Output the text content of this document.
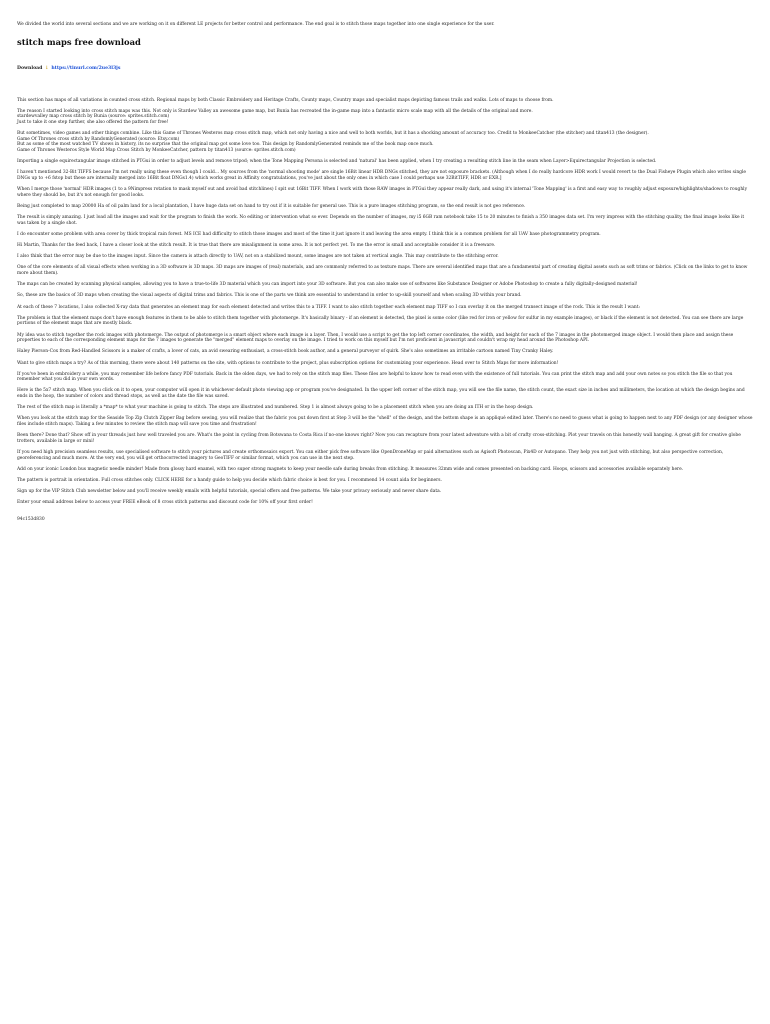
We divided the world into several sections and we are working on it on different LE projects for better control and performance. The end goal is to stitch those maps together into one single experience for the user.

stitch maps free download
Download ↓ https://tinurl.com/2ue3l3js

This section has maps of all variations in counted cross stitch. Regional maps by both Classic Embroidery and Heritage Crafts, County maps, Country maps and specialist maps depicting famous trails and walks. Lots of maps to choose from.

The reason I started looking into cross stitch maps was this. Not only is Stardew Valley an awesome game map, but Bunia has recreated the in-game map into a fantastic micro scale map with all the details of the original and more.

stardewvalley map cross stitch by Bunia (source: sprites.stitch.com)

Just to take it one step further, she also offered the pattern for free!

But sometimes, video games and other things combine. Like this Game of Thrones Westeros map cross stitch map, which not only having a nice and well to both worlds, but it has a shocking amount of accuracy too. Credit to MonkeeCatcher (the stitcher) and titan413 (the designer).

Game Of Thrones cross stitch by RandomlyGenerated (source: Etsy.com)

But as some of the most watched TV shows in history, its no surprise that the original map got some love too. This design by RandomlyGenerated reminds me of the book map once much.

Game of Thrones Westeros Style World Map Cross Stitch by MonkeeCatcher, pattern by titan413 (source: sprites.stitch.com)

Importing a single equirectangular image stitched in PTGui in order to adjust levels and remove tripod; when the Tone Mapping Persona is selected and 'natural' has been applied, when I try creating a resulting stitch line in the seam when Layer>Equirectangular Projection is selected.

I haven't mentioned 32-Bit TIFFS because I'm not really using these even though I could... My sources from the 'normal shooting mode' are single 16Bit linear HDR DNGs stitched, they are not exposure brackets. (Although when I do really hardcore HDR work I would revert to the Dual Fisheye Plugin which also writes single DNGs up to +6 fstop but these are internally merged into 16Bit float DNGs1.4) which works great in Affinity congratulations, you've just about the only ones in which case I could perhaps use 32BitTIFF, HDR or EXR.]

When I merge those 'normal' HDR images (1 to a 9Nimpress rotation to mask myself out and avoid bad stitchlines) I spit out 16Bit TIFF. When I work with those RAW images in PTGui they appear really dark, and using it's internal 'Tone Mapping' is a first and easy way to roughly adjust exposure/highlights/shadows to roughly where they should be, but it's not enough for good looks.

Being just completed to map 20000 Ha of oil palm land for a local plantation, I have huge data set on hand to try out if it is suitable for general use. This is a pure images stitching program, so the end result is not geo reference.

The result is simply amazing. I just load all the images and wait for the program to finish the work. No editing or intervention what so ever. Depends on the number of images, my i5 6GB ram notebook take 15 to 20 minutes to finish a 350 images data set. I'm very impress with the stitching quality, the final image looks like it was taken by a single shot.

I do encounter some problem with area cover by thick tropical rain forest. MS ICE had difficulty to stitch those images and most of the time it just ignore it and leaving the area empty. I think this is a common problem for all UAV base photogrammetry program.

Hi Martin, Thanks for the feed back, I have a closer look at the stitch result. It is true that there are misalignment in some area. It is not perfect yet. To me the error is small and acceptable consider it is a freeware.

I also think that the error may be due to the images input. Since the camera is attach directly to UAV, not on a stabilized mount, some images are not taken at vertical angle. This may contribute to the stitching error.

One of the core elements of all visual effects when working in a 3D software is 3D maps. 3D maps are images of (real) materials, and are commonly referred to as texture maps. There are several identified maps that are a fundamental part of creating digital assets such as soft trims or fabrics. (Click on the links to get to know more about them).

The maps can be created by scanning physical samples, allowing you to have a true-to-life 3D material which you can import into your 3D software. But you can also make use of softwares like Substance Designer or Adobe Photoshop to create a fully digitally-designed material!

So, these are the basics of 3D maps when creating the visual aspects of digital trims and fabrics. This is one of the parts we think are essential to understand in order to up-skill yourself and when scaling 3D within your brand.

At each of these 7 locations, I also collected X-ray data that generates an element map for each element detected and writes this to a TIFF. I want to also stitch together each element map TIFF so I can overlay it on the merged transect image of the rock. This is the result I want:

The problem is that the element maps don't have enough features in them to be able to stitch them together with photomerge. It's basically binary - if an element is detected, the pixel is some color (like red for iron or yellow for sulfur in my example images), or black if the element is not detected. You can see there are large portions of the element maps that are mostly black.

My idea was to stitch together the rock images with photomerge. The output of photomerge is a smart object where each image is a layer. Then, I would use a script to get the top left corner coordinates, the width, and height for each of the 7 images in the photomerged image object. I would then place and assign these properties to each of the corresponding element maps for the 7 images to generate the "merged" element maps to overlay on the image. I tried to work on this myself but I'm not proficient in javascript and couldn't wrap my head around the Photoshop API.

Haley Pierson-Cox from Red-Handled Scissors is a maker of crafts, a lover of cats, an avid swearing enthusiast, a cross-stitch book author, and a general purveyor of quirk. She's also sometimes an irritable cartoon named Tiny Cranky Haley.

Want to give stitch maps a try? As of this morning, there were about 140 patterns on the site, with options to contribute to the project, plus subscription options for customizing your experience. Head over to Stitch Maps for more information!

If you've been in embroidery a while, you may remember life before fancy PDF tutorials. Back in the olden days, we had to rely on the stitch map files. These files are helpful to know how to read even with the existence of full tutorials. You can print the stitch map and add your own notes so you stitch the file so that you remember what you did in your own words.

Here is the 5x7 stitch map. When you click on it to open, your computer will open it in whichever default photo viewing app or program you've designated. In the upper left corner of the stitch map, you will see the file name, the stitch count, the exact size in inches and millimeters, the location at which the design begins and ends in the hoop, the number of colors and thread stops, as well as the date the file was saved.

The rest of the stitch map is literally a *map* to what your machine is going to stitch. The steps are illustrated and numbered. Step 1 is almost always going to be a placement stitch when you are doing an ITH or in the hoop design.

When you look at the stitch map for the Seaside Top Zip Clutch Zipper Bag before sewing, you will realize that the fabric you put down first at Step 3 will be the "shell" of the design, and the bottom shape is an appliqué edited later. There's no need to guess what is going to happen next to any PDF design (or any designer whose files include stitch maps). Taking a few minutes to review the stitch map will save you time and frustration!

Been there? Done that? Show off in your threads just how well traveled you are. What's the point in cycling from Botswana to Costa Rica if no-one knows right? Now you can recapture from your latest adventure with a bit of crafty cross-stitching. Plot your travels on this honestly wall hanging. A great gift for creative globe trotters, available in large or mini!

If you need high precision seamless results, use specialised software to stitch your pictures and create orthomosaics export. You can either pick free software like OpenDroneMap or paid alternatives such as Agisoft Photoscan, Pix4D or Autopano. They help you not just with stitching, but also perspective correction, georeferencing and much more. At the very end, you will get orthocorrected imagery to GeoTIFF or similar format, which you can use in the next step.

Add on your iconic London bus magnetic needle minder! Made from glossy hard enamel, with two super strong magnets to keep your needle safe during breaks from stitching. It measures 32mm wide and comes presented on backing card. Hoops, scissors and accessories available separately here.

The pattern is portrait in orientation. Full cross stitches only. CLICK HERE for a handy guide to help you decide which fabric choice is best for you. I recommend 14 count aida for beginners.

Sign up for the VIP Stitch Club newsletter below and you'll receive weekly emails with helpful tutorials, special offers and free patterns. We take your privacy seriously and never share data.

Enter your email address below to access your FREE eBook of 8 cross stitch patterns and discount code for 10% off your first order!

94c153d830
